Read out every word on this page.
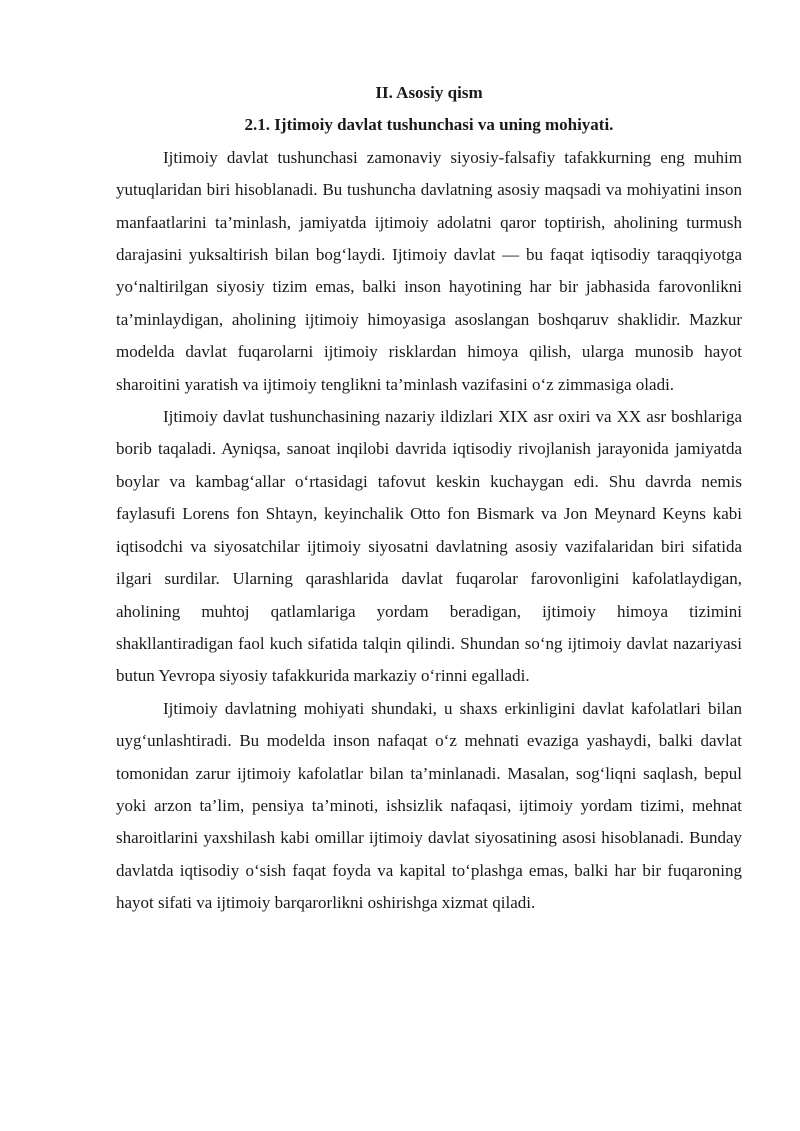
II. Asosiy qism

2.1. Ijtimoiy davlat tushunchasi va uning mohiyati.

Ijtimoiy davlat tushunchasi zamonaviy siyosiy-falsafiy tafakkurning eng muhim yutuqlaridan biri hisoblanadi. Bu tushuncha davlatning asosiy maqsadi va mohiyatini inson manfaatlarini ta’minlash, jamiyatda ijtimoiy adolatni qaror toptirish, aholining turmush darajasini yuksaltirish bilan bog‘laydi. Ijtimoiy davlat — bu faqat iqtisodiy taraqqiyotga yo‘naltirilgan siyosiy tizim emas, balki inson hayotining har bir jabhasida farovonlikni ta’minlaydigan, aholining ijtimoiy himoyasiga asoslangan boshqaruv shaklidir. Mazkur modelda davlat fuqarolarni ijtimoiy risklardan himoya qilish, ularga munosib hayot sharoitini yaratish va ijtimoiy tenglikni ta’minlash vazifasini o‘z zimmasiga oladi.

Ijtimoiy davlat tushunchasining nazariy ildizlari XIX asr oxiri va XX asr boshlariga borib taqaladi. Ayniqsa, sanoat inqilobi davrida iqtisodiy rivojlanish jarayonida jamiyatda boylar va kambag‘allar o‘rtasidagi tafovut keskin kuchaygan edi. Shu davrda nemis faylasufi Lorens fon Shtayn, keyinchalik Otto fon Bismark va Jon Meynard Keyns kabi iqtisodchi va siyosatchilar ijtimoiy siyosatni davlatning asosiy vazifalaridan biri sifatida ilgari surdilar. Ularning qarashlarida davlat fuqarolar farovonligini kafolatlaydigan, aholining muhtoj qatlamlariga yordam beradigan, ijtimoiy himoya tizimini shakllantiradigan faol kuch sifatida talqin qilindi. Shundan so‘ng ijtimoiy davlat nazariyasi butun Yevropa siyosiy tafakkurida markaziy o‘rinni egalladi.

Ijtimoiy davlatning mohiyati shundaki, u shaxs erkinligini davlat kafolatlari bilan uyg‘unlashtiradi. Bu modelda inson nafaqat o‘z mehnati evaziga yashaydi, balki davlat tomonidan zarur ijtimoiy kafolatlar bilan ta’minlanadi. Masalan, sog‘liqni saqlash, bepul yoki arzon ta’lim, pensiya ta’minoti, ishsizlik nafaqasi, ijtimoiy yordam tizimi, mehnat sharoitlarini yaxshilash kabi omillar ijtimoiy davlat siyosatining asosi hisoblanadi. Bunday davlatda iqtisodiy o‘sish faqat foyda va kapital to‘plashga emas, balki har bir fuqaroning hayot sifati va ijtimoiy barqarorlikni oshirishga xizmat qiladi.
